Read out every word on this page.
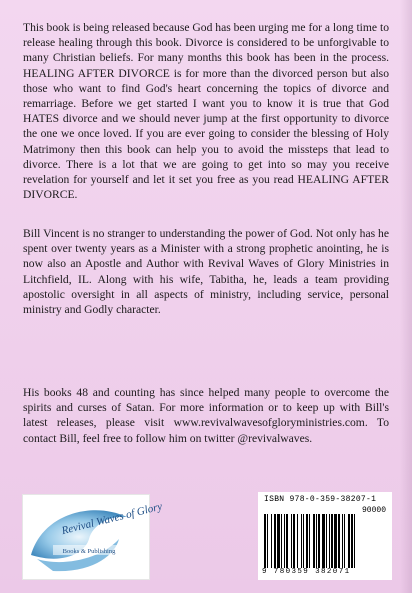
This book is being released because God has been urging me for a long time to release healing through this book. Divorce is considered to be unforgivable to many Christian beliefs. For many months this book has been in the process. HEALING AFTER DIVORCE is for more than the divorced person but also those who want to find God's heart concerning the topics of divorce and remarriage. Before we get started I want you to know it is true that God HATES divorce and we should never jump at the first opportunity to divorce the one we once loved. If you are ever going to consider the blessing of Holy Matrimony then this book can help you to avoid the missteps that lead to divorce. There is a lot that we are going to get into so may you receive revelation for yourself and let it set you free as you read HEALING AFTER DIVORCE.

Bill Vincent is no stranger to understanding the power of God. Not only has he spent over twenty years as a Minister with a strong prophetic anointing, he is now also an Apostle and Author with Revival Waves of Glory Ministries in Litchfield, IL. Along with his wife, Tabitha, he, leads a team providing apostolic oversight in all aspects of ministry, including service, personal ministry and Godly character.

His books 48 and counting has since helped many people to overcome the spirits and curses of Satan. For more information or to keep up with Bill's latest releases, please visit www.revivalwavesofgloryministries.com. To contact Bill, feel free to follow him on twitter @revivalwaves.

Revival Waves of Glory
Books & Publishing
ISBN 978-0-359-38207-1
90000
9 780359 382071
